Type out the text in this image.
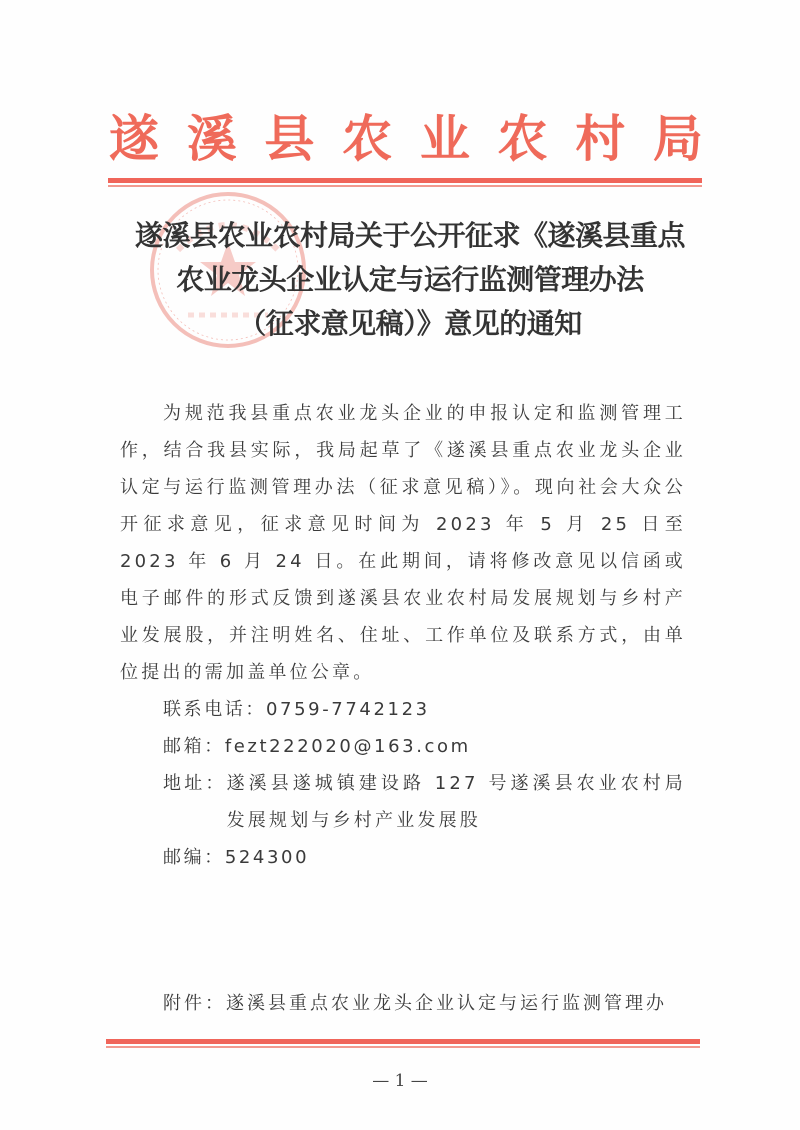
遂 溪 县 农 业 农 村 局
遂溪县农业农村局关于公开征求《遂溪县重点
农业龙头企业认定与运行监测管理办法
（征求意见稿）》意见的通知

为规范我县重点农业龙头企业的申报认定和监测管理工作，结合我县实际，我局起草了《遂溪县重点农业龙头企业认定与运行监测管理办法（征求意见稿）》。现向社会大众公开征求意见，征求意见时间为 2023 年 5 月 25 日至 2023 年 6 月 24 日。在此期间，请将修改意见以信函或电子邮件的形式反馈到遂溪县农业农村局发展规划与乡村产业发展股，并注明姓名、住址、工作单位及联系方式，由单位提出的需加盖单位公章。

联系电话：0759-7742123

邮箱：fezt222020@163.com

地址： 遂溪县遂城镇建设路 127 号遂溪县农业农村局发展规划与乡村产业发展股

邮编：524300

附件：遂溪县重点农业龙头企业认定与运行监测管理办
— 1 —
